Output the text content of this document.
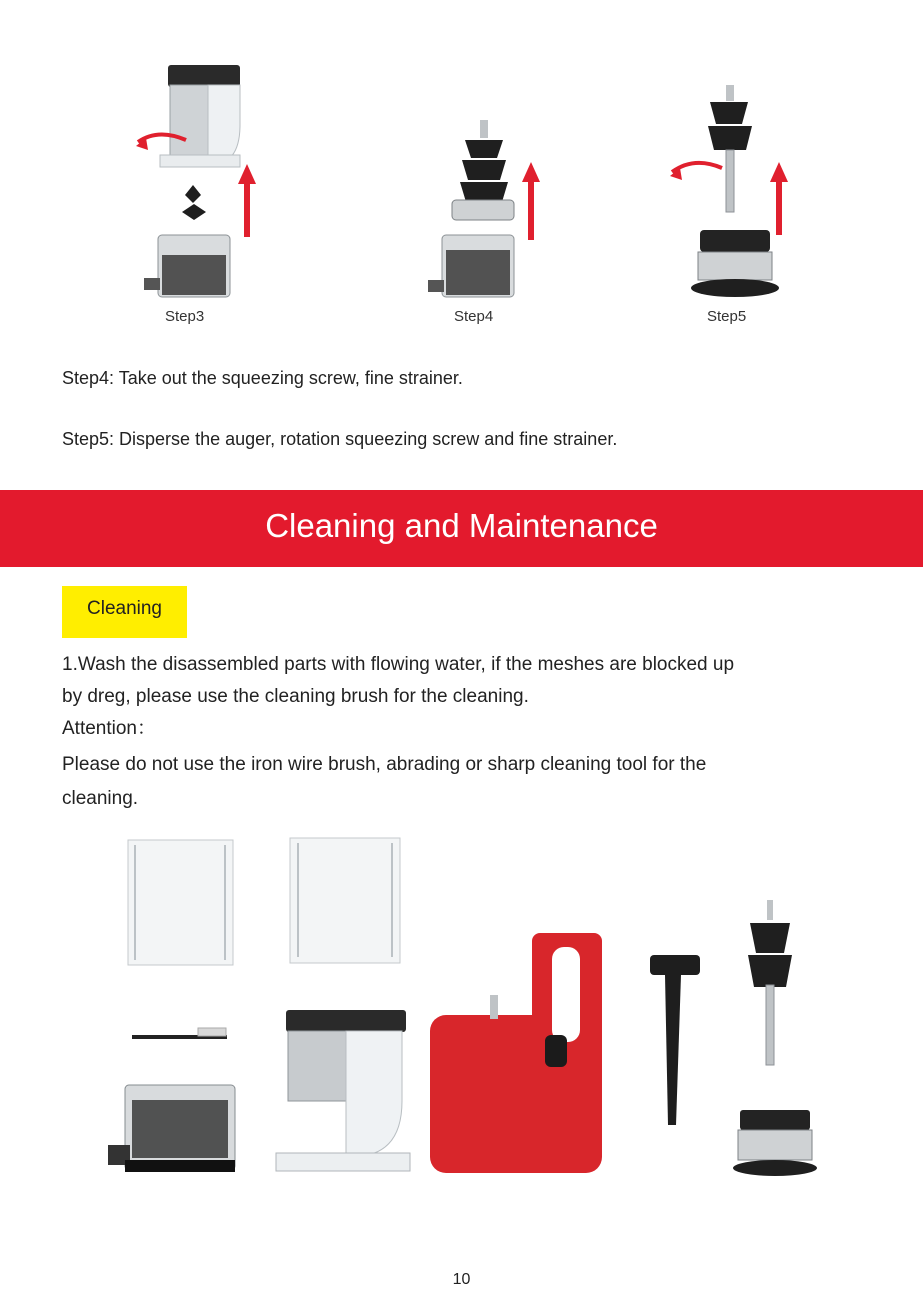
Step3	Step4	Step5
Step4: Take out the squeezing screw, fine strainer.
Step5: Disperse the auger, rotation squeezing screw and fine strainer.
Cleaning and Maintenance
Cleaning
1.Wash the disassembled parts with flowing water, if the meshes are blocked up
by dreg, please use the cleaning brush for the cleaning.
Attention：
Please do not use the iron wire brush, abrading or sharp cleaning tool for the
cleaning.
10
